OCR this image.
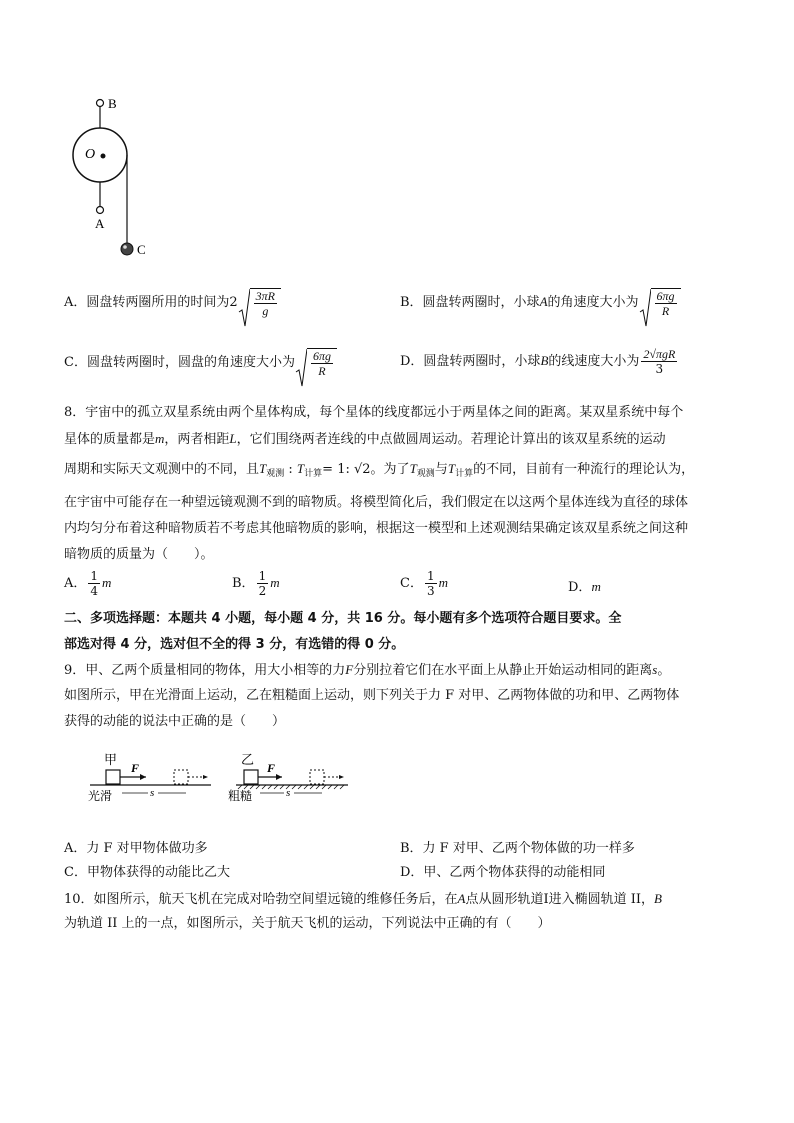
B
O
A
C
A．圆盘转两圈所用的时间为$2 \frac{3\pi R}{g}$	B．圆盘转两圈时，小球A的角速度大小为 $\frac{6\pi g}{R}$
C．圆盘转两圈时，圆盘的角速度大小为 $\frac{6\pi g}{R}$	D．圆盘转两圈时，小球B的线速度大小为 $\frac{\text{2√πgR}}{3}$
8．宇宙中的孤立双星系统由两个星体构成，每个星体的线度都远小于两星体之间的距离。某双星系统中每个
星体的质量都是m，两者相距L，它们围绕两者连线的中点做圆周运动。若理论计算出的该双星系统的运动
周期和实际天文观测中的不同，且$T_{观测}$ : $T_{计算}= 1$: √2。为了$T_{观测}$与$T_{计算}$的不同，目前有一种流行的理论认为，
在宇宙中可能存在一种望远镜观测不到的暗物质。将模型简化后，我们假定在以这两个星体连线为直径的球体
内均匀分布着这种暗物质若不考虑其他暗物质的影响，根据这一模型和上述观测结果确定该双星系统之间这种
暗物质的质量为（　　）。
A． $\frac{1}{4}$ m	B． $\frac{1}{2}$ m	C． $\frac{1}{3}$ m	D．m
二、多项选择题：本题共 4 小题，每小题 4 分，共 16 分。每小题有多个选项符合题目要求。全
部选对得 4 分，选对但不全的得 3 分，有选错的得 0 分。
9．甲、乙两个质量相同的物体，用大小相等的力F分别拉着它们在水平面上从静止开始运动相同的距离s。
如图所示，甲在光滑面上运动，乙在粗糙面上运动，则下列关于力 F 对甲、乙两物体做的功和甲、乙两物体
获得的动能的说法中正确的是（　　）
甲
F
s
光滑
乙
F
s
粗糙
A．力 F 对甲物体做功多	B．力 F 对甲、乙两个物体做的功一样多
C．甲物体获得的动能比乙大	D．甲、乙两个物体获得的动能相同
10．如图所示，航天飞机在完成对哈勃空间望远镜的维修任务后，在A点从圆形轨道Ⅰ进入椭圆轨道 II，B
为轨道 II 上的一点，如图所示，关于航天飞机的运动，下列说法中正确的有（　　）
